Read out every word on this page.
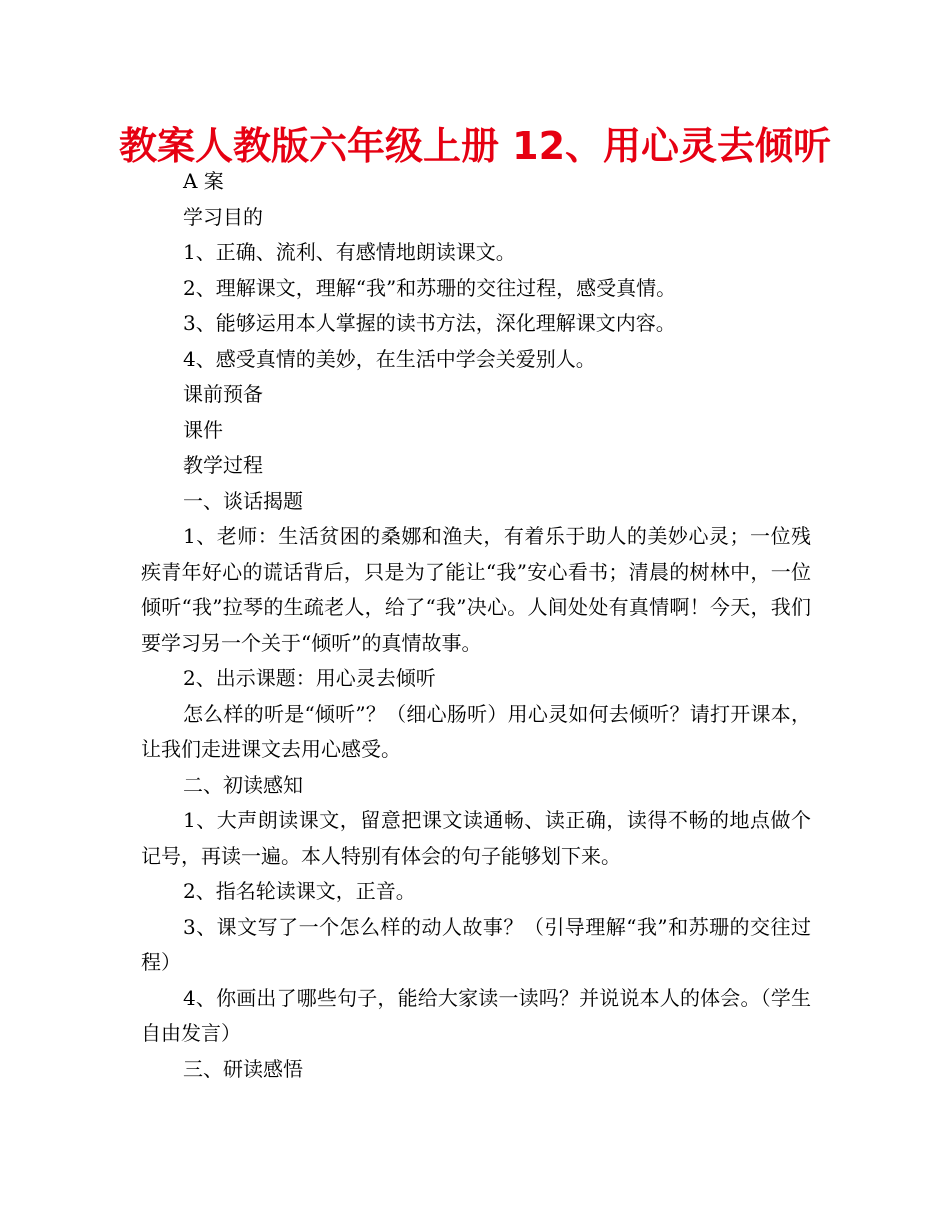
教案人教版六年级上册 12、用心灵去倾听

A 案

学习目的

1、正确、流利、有感情地朗读课文。

2、理解课文，理解“我”和苏珊的交往过程，感受真情。

3、能够运用本人掌握的读书方法，深化理解课文内容。

4、感受真情的美妙，在生活中学会关爱别人。

课前预备

课件

教学过程

一、谈话揭题

1、老师：生活贫困的桑娜和渔夫，有着乐于助人的美妙心灵；一位残疾青年好心的谎话背后，只是为了能让“我”安心看书；清晨的树林中，一位倾听“我”拉琴的生疏老人，给了“我”决心。人间处处有真情啊！今天，我们要学习另一个关于“倾听”的真情故事。

2、出示课题：用心灵去倾听

怎么样的听是“倾听”？（细心肠听）用心灵如何去倾听？请打开课本，让我们走进课文去用心感受。

二、初读感知

1、大声朗读课文，留意把课文读通畅、读正确，读得不畅的地点做个记号，再读一遍。本人特别有体会的句子能够划下来。

2、指名轮读课文，正音。

3、课文写了一个怎么样的动人故事？（引导理解“我”和苏珊的交往过程）

4、你画出了哪些句子，能给大家读一读吗？并说说本人的体会。（学生自由发言）

三、研读感悟
